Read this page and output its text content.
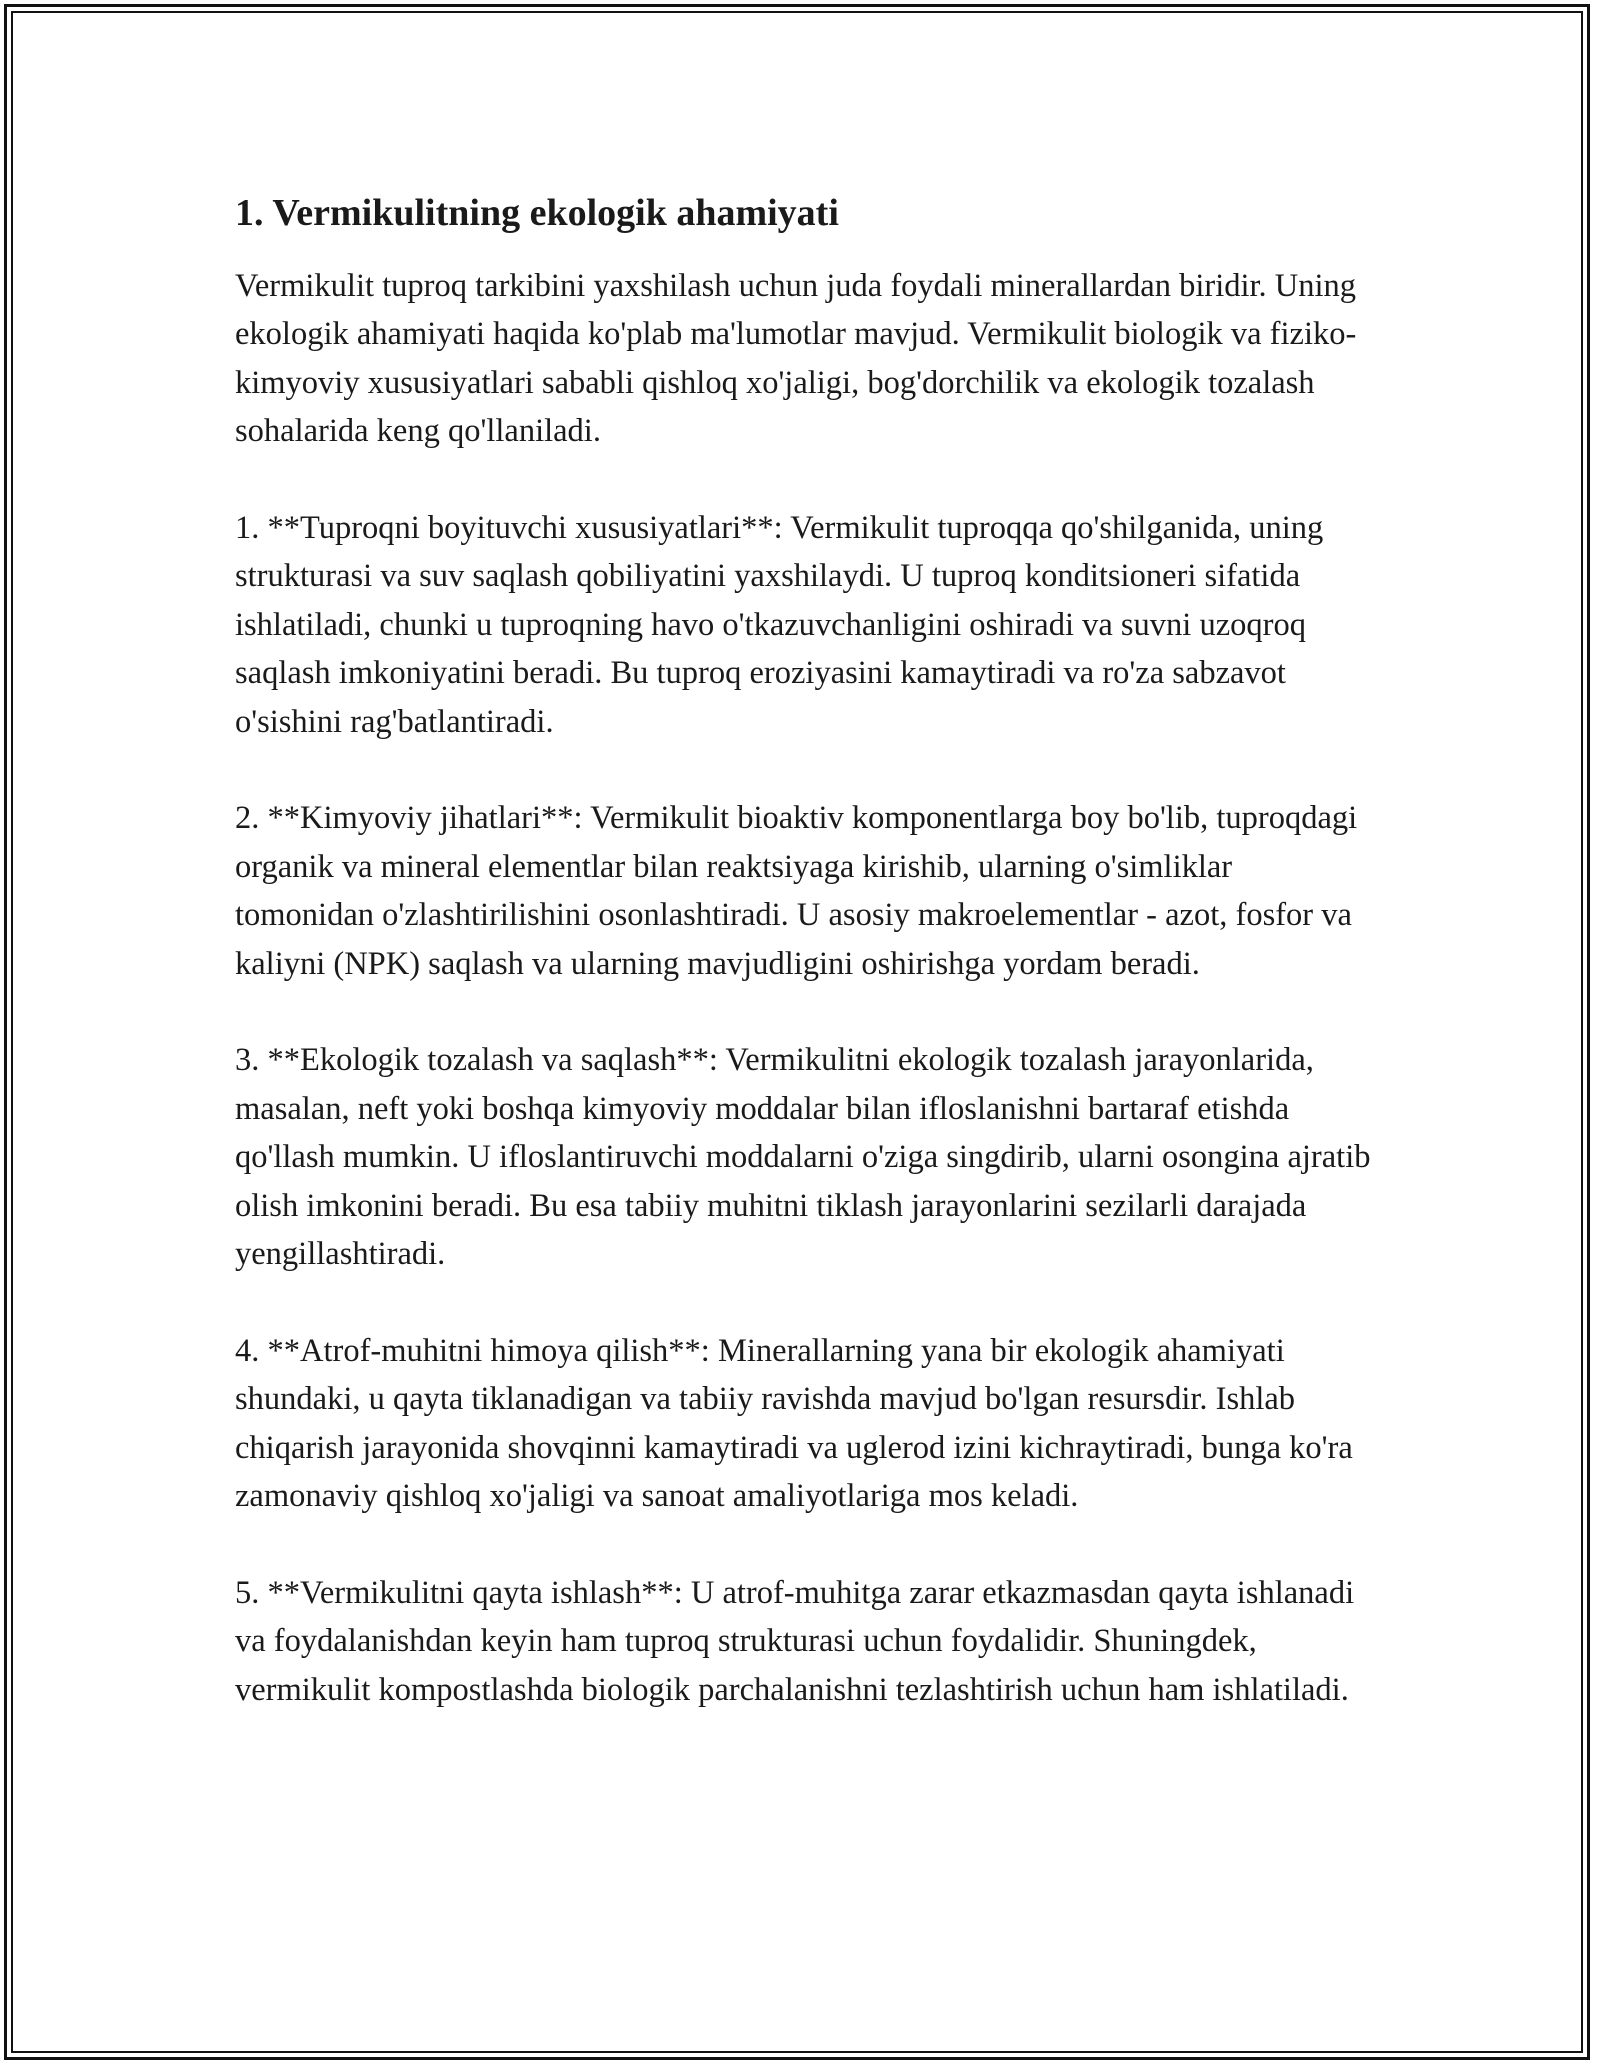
1. Vermikulitning ekologik ahamiyati

Vermikulit tuproq tarkibini yaxshilash uchun juda foydali minerallardan biridir. Uning ekologik ahamiyati haqida ko'plab ma'lumotlar mavjud. Vermikulit biologik va fiziko-kimyoviy xususiyatlari sababli qishloq xo'jaligi, bog'dorchilik va ekologik tozalash sohalarida keng qo'llaniladi.

1. **Tuproqni boyituvchi xususiyatlari**: Vermikulit tuproqqa qo'shilganida, uning strukturasi va suv saqlash qobiliyatini yaxshilaydi. U tuproq konditsioneri sifatida ishlatiladi, chunki u tuproqning havo o'tkazuvchanligini oshiradi va suvni uzoqroq saqlash imkoniyatini beradi. Bu tuproq eroziyasini kamaytiradi va ro'za sabzavot o'sishini rag'batlantiradi.

2. **Kimyoviy jihatlari**: Vermikulit bioaktiv komponentlarga boy bo'lib, tuproqdagi organik va mineral elementlar bilan reaktsiyaga kirishib, ularning o'simliklar tomonidan o'zlashtirilishini osonlashtiradi. U asosiy makroelementlar - azot, fosfor va kaliyni (NPK) saqlash va ularning mavjudligini oshirishga yordam beradi.

3. **Ekologik tozalash va saqlash**: Vermikulitni ekologik tozalash jarayonlarida, masalan, neft yoki boshqa kimyoviy moddalar bilan ifloslanishni bartaraf etishda qo'llash mumkin. U ifloslantiruvchi moddalarni o'ziga singdirib, ularni osongina ajratib olish imkonini beradi. Bu esa tabiiy muhitni tiklash jarayonlarini sezilarli darajada yengillashtiradi.

4. **Atrof-muhitni himoya qilish**: Minerallarning yana bir ekologik ahamiyati shundaki, u qayta tiklanadigan va tabiiy ravishda mavjud bo'lgan resursdir. Ishlab chiqarish jarayonida shovqinni kamaytiradi va uglerod izini kichraytiradi, bunga ko'ra zamonaviy qishloq xo'jaligi va sanoat amaliyotlariga mos keladi.

5. **Vermikulitni qayta ishlash**: U atrof-muhitga zarar etkazmasdan qayta ishlanadi va foydalanishdan keyin ham tuproq strukturasi uchun foydalidir. Shuningdek, vermikulit kompostlashda biologik parchalanishni tezlashtirish uchun ham ishlatiladi.
